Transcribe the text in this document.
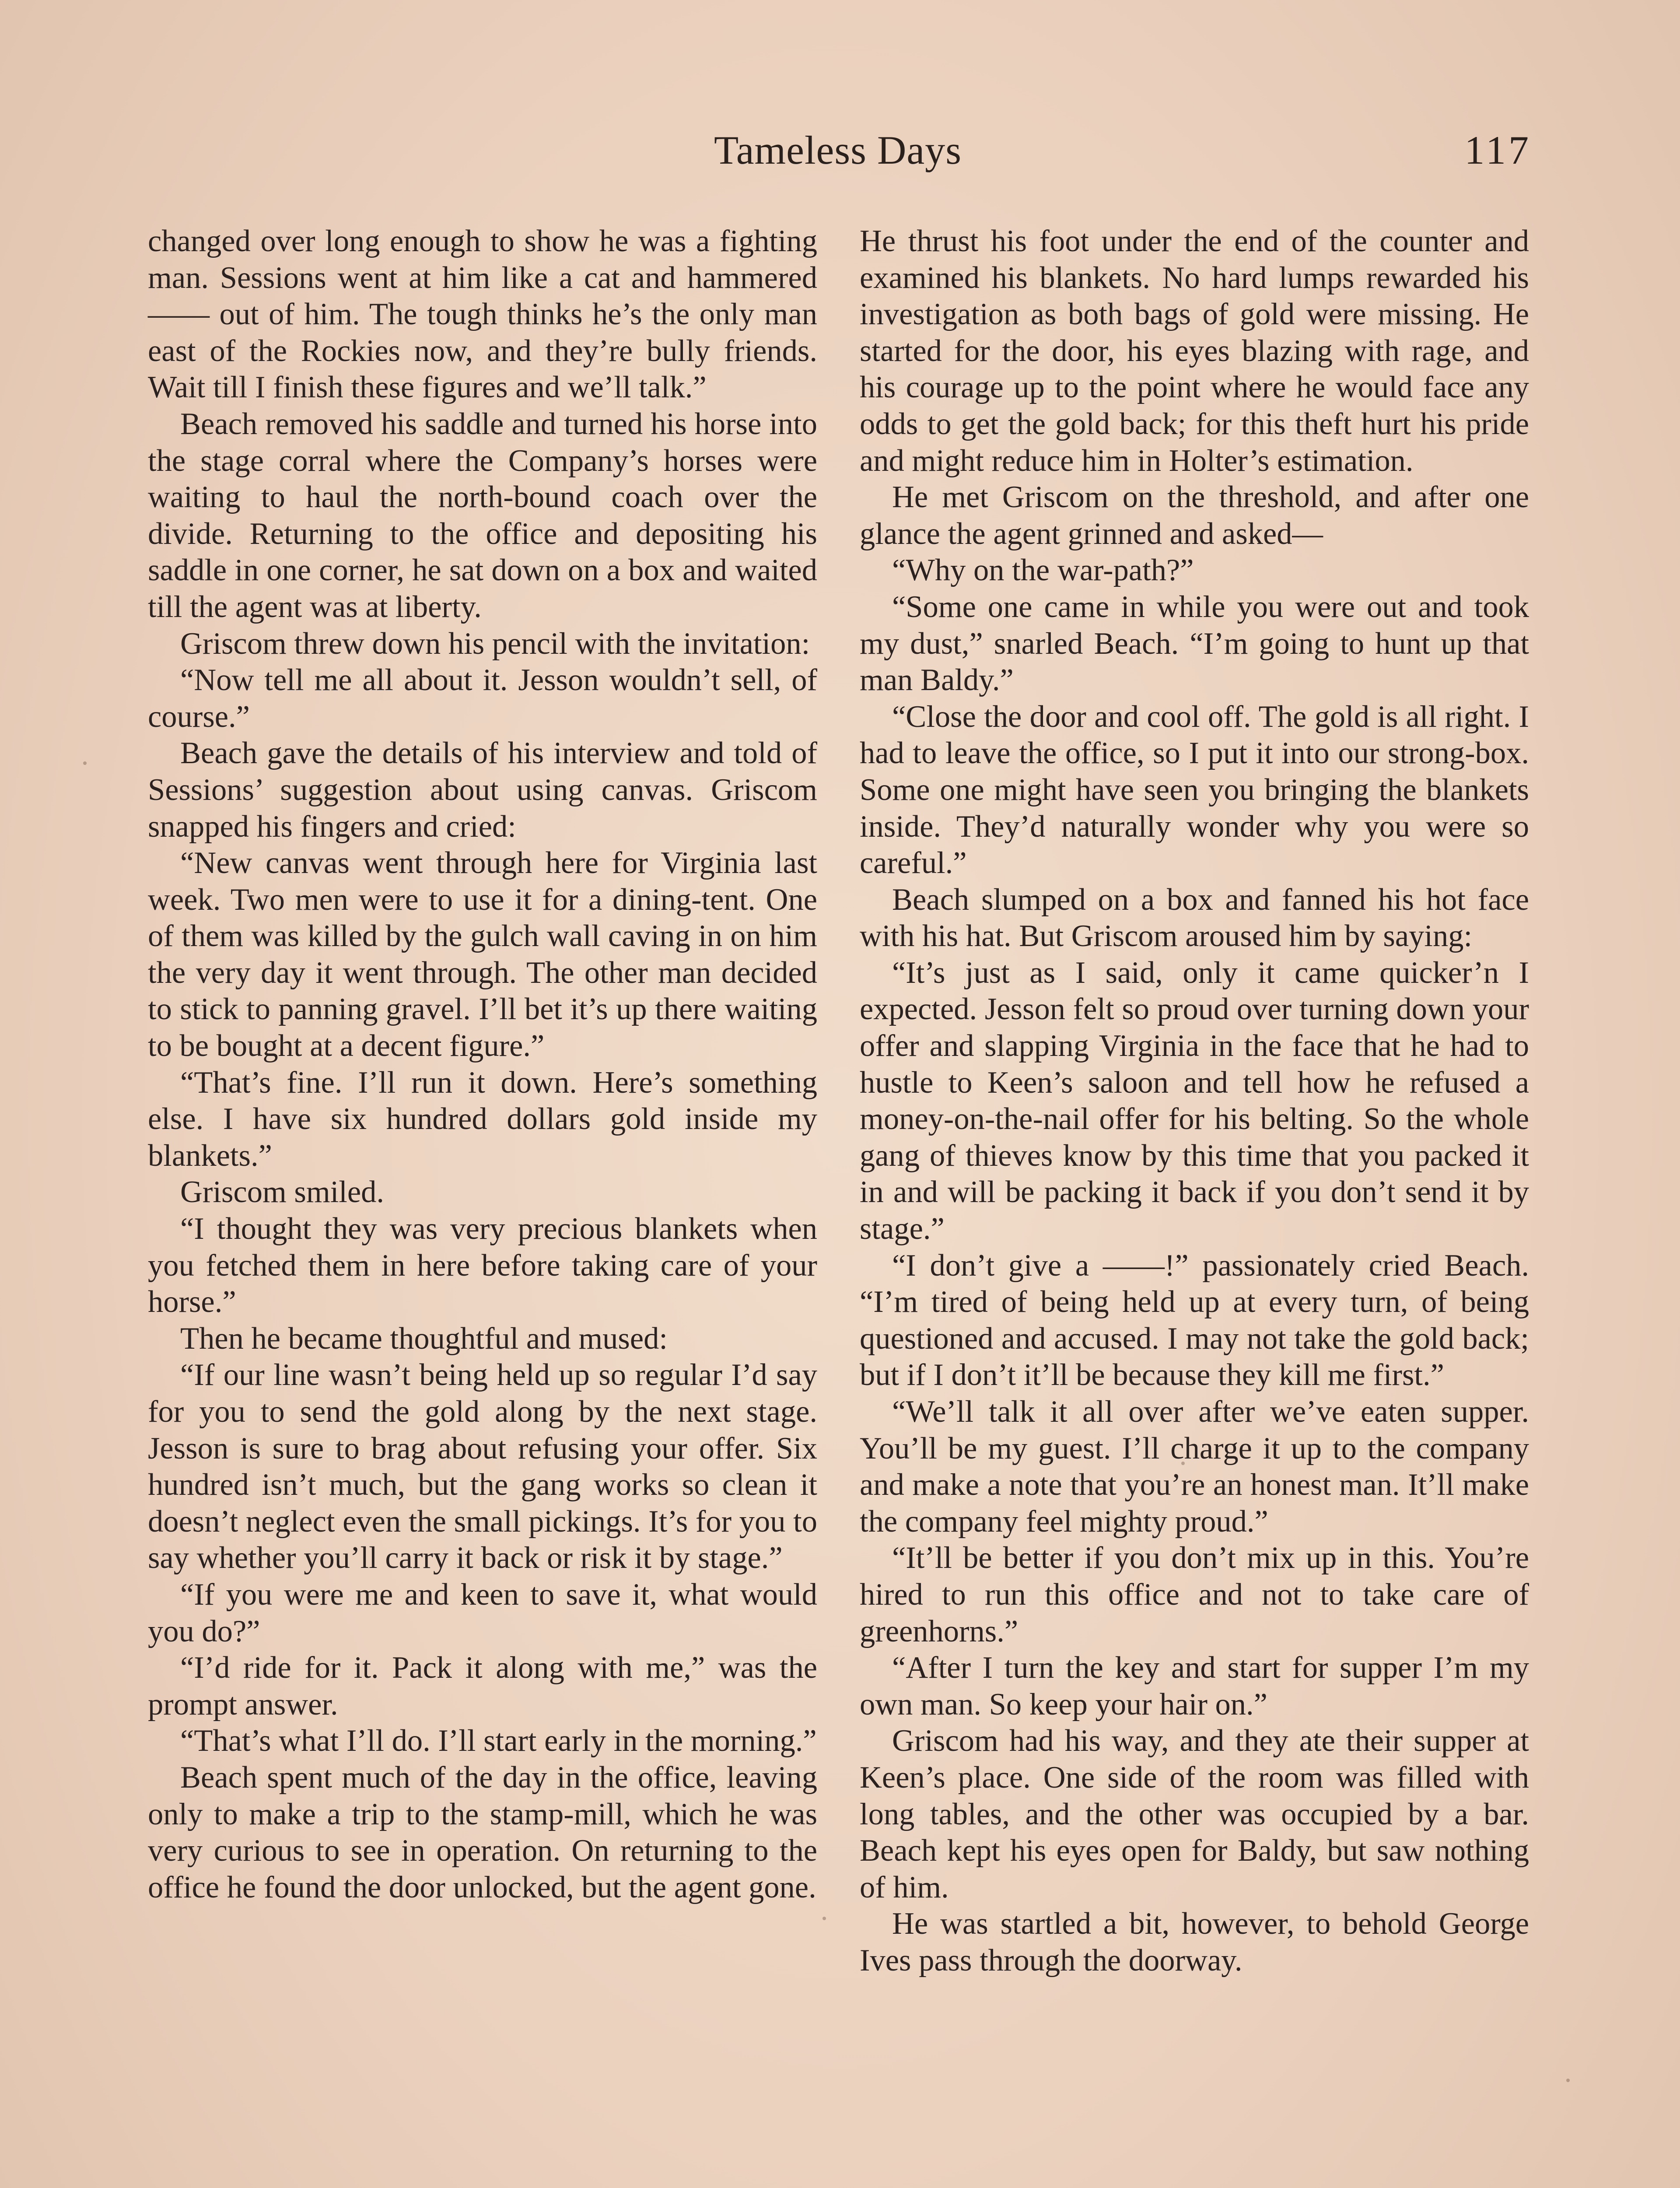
Tameless Days	117

changed over long enough to show he was a fighting man. Sessions went at him like a cat and hammered —— out of him. The tough thinks he’s the only man east of the Rockies now, and they’re bully friends. Wait till I finish these figures and we’ll talk.”

Beach removed his saddle and turned his horse into the stage corral where the Company’s horses were waiting to haul the north-bound coach over the divide. Returning to the office and depositing his saddle in one corner, he sat down on a box and waited till the agent was at liberty.

Griscom threw down his pencil with the invitation:

“Now tell me all about it. Jesson wouldn’t sell, of course.”

Beach gave the details of his interview and told of Sessions’ suggestion about using canvas. Griscom snapped his fingers and cried:

“New canvas went through here for Virginia last week. Two men were to use it for a dining-tent. One of them was killed by the gulch wall caving in on him the very day it went through. The other man decided to stick to panning gravel. I’ll bet it’s up there waiting to be bought at a decent figure.”

“That’s fine. I’ll run it down. Here’s something else. I have six hundred dollars gold inside my blankets.”

Griscom smiled.

“I thought they was very precious blankets when you fetched them in here before taking care of your horse.”

Then he became thoughtful and mused:

“If our line wasn’t being held up so regular I’d say for you to send the gold along by the next stage. Jesson is sure to brag about refusing your offer. Six hundred isn’t much, but the gang works so clean it doesn’t neglect even the small pickings. It’s for you to say whether you’ll carry it back or risk it by stage.”

“If you were me and keen to save it, what would you do?”

“I’d ride for it. Pack it along with me,” was the prompt answer.

“That’s what I’ll do. I’ll start early in the morning.”

Beach spent much of the day in the office, leaving only to make a trip to the stamp-mill, which he was very curious to see in operation. On returning to the office he found the door unlocked, but the agent gone.

He thrust his foot under the end of the counter and examined his blankets. No hard lumps rewarded his investigation as both bags of gold were missing. He started for the door, his eyes blazing with rage, and his courage up to the point where he would face any odds to get the gold back; for this theft hurt his pride and might reduce him in Holter’s estimation.

He met Griscom on the threshold, and after one glance the agent grinned and asked—

“Why on the war-path?”

“Some one came in while you were out and took my dust,” snarled Beach. “I’m going to hunt up that man Baldy.”

“Close the door and cool off. The gold is all right. I had to leave the office, so I put it into our strong-box. Some one might have seen you bringing the blankets inside. They’d naturally wonder why you were so careful.”

Beach slumped on a box and fanned his hot face with his hat. But Griscom aroused him by saying:

“It’s just as I said, only it came quicker’n I expected. Jesson felt so proud over turning down your offer and slapping Virginia in the face that he had to hustle to Keen’s saloon and tell how he refused a money-on-the-nail offer for his belting. So the whole gang of thieves know by this time that you packed it in and will be packing it back if you don’t send it by stage.”

“I don’t give a ——!” passionately cried Beach. “I’m tired of being held up at every turn, of being questioned and accused. I may not take the gold back; but if I don’t it’ll be because they kill me first.”

“We’ll talk it all over after we’ve eaten supper. You’ll be my guest. I’ll charge it up to the company and make a note that you’re an honest man. It’ll make the company feel mighty proud.”

“It’ll be better if you don’t mix up in this. You’re hired to run this office and not to take care of greenhorns.”

“After I turn the key and start for supper I’m my own man. So keep your hair on.”

Griscom had his way, and they ate their supper at Keen’s place. One side of the room was filled with long tables, and the other was occupied by a bar. Beach kept his eyes open for Baldy, but saw nothing of him.

He was startled a bit, however, to behold George Ives pass through the doorway.
